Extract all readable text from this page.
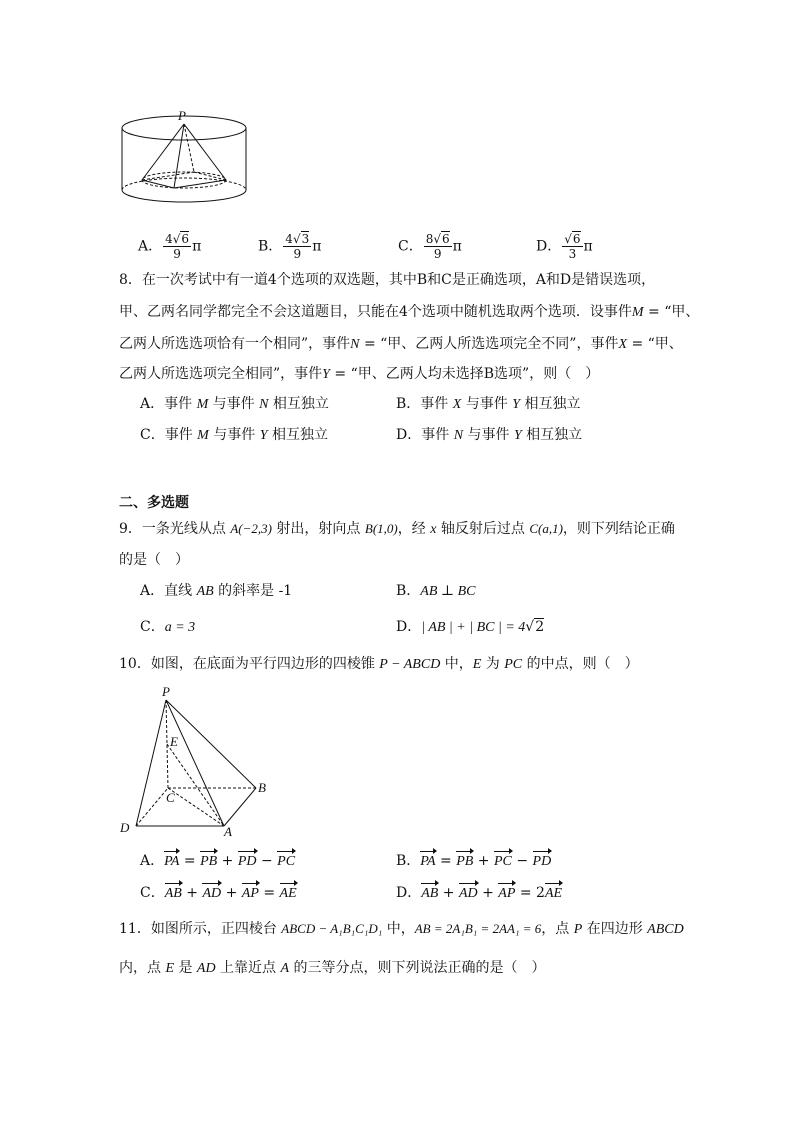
P
A． $\frac{4√6}{9}$ π	B． $\frac{4√3}{9}$ π	C． $\frac{8√6}{9}$ π	D． $\frac{√6}{3}$ π
8．在一次考试中有一道4个选项的双选题，其中B和C是正确选项，A和D是错误选项，
甲、乙两名同学都完全不会这道题目，只能在4个选项中随机选取两个选项．设事件M = “甲、
乙两人所选选项恰有一个相同”，事件N = “甲、乙两人所选选项完全不同”，事件X = “甲、
乙两人所选选项完全相同”，事件Y = “甲、乙两人均未选择B选项”，则（　）
A．事件 M 与事件 N 相互独立	B．事件 X 与事件 Y 相互独立
C．事件 M 与事件 Y 相互独立	D．事件 N 与事件 Y 相互独立
二、多选题
9．一条光线从点 A(−2,3) 射出，射向点 B(1,0)，经 x 轴反射后过点 C(a,1)，则下列结论正确
的是（　）
A．直线 AB 的斜率是 -1	B．AB ⊥ BC
C．a = 3	D．| AB | + | BC | = 4√2
10．如图，在底面为平行四边形的四棱锥 P − ABCD 中，E 为 PC 的中点，则（　）
P
E
C
B
D	A
A．PA = PB + PD − PC	B．PA = PB + PC − PD
C．AB + AD + AP = AE	D．AB + AD + AP = 2AE
11．如图所示，正四棱台 ABCD − A₁B₁C₁D₁ 中，AB = 2A₁B₁ = 2AA₁ = 6，点 P 在四边形 ABCD
内，点 E 是 AD 上靠近点 A 的三等分点，则下列说法正确的是（　）
